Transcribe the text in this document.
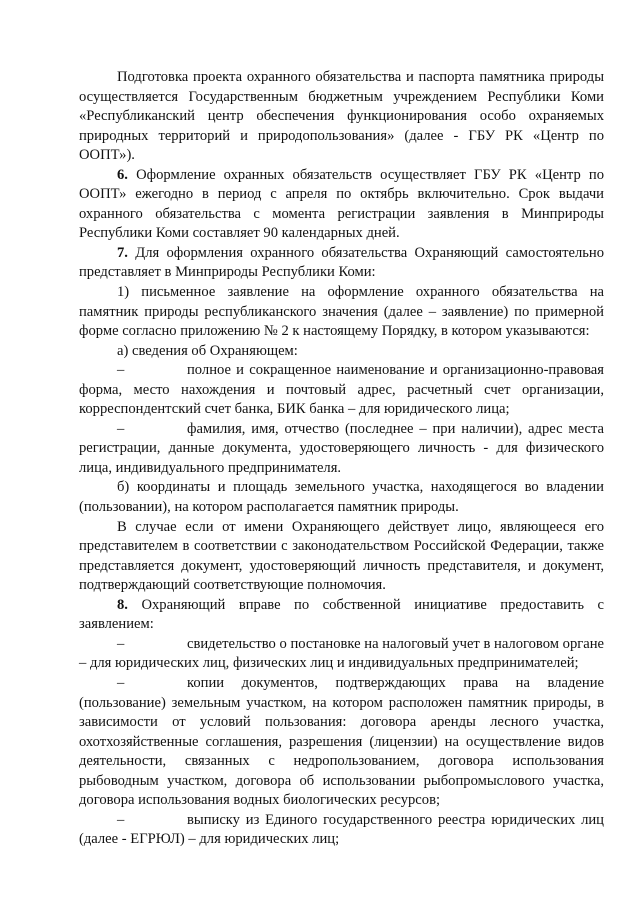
Подготовка проекта охранного обязательства и паспорта памятника природы осуществляется Государственным бюджетным учреждением Республики Коми «Республиканский центр обеспечения функционирования особо охраняемых природных территорий и природопользования» (далее - ГБУ РК «Центр по ООПТ»).

6. Оформление охранных обязательств осуществляет ГБУ РК «Центр по ООПТ» ежегодно в период с апреля по октябрь включительно. Срок выдачи охранного обязательства с момента регистрации заявления в Минприроды Республики Коми составляет 90 календарных дней.

7. Для оформления охранного обязательства Охраняющий самостоятельно представляет в Минприроды Республики Коми:

1) письменное заявление на оформление охранного обязательства на памятник природы республиканского значения (далее – заявление) по примерной форме согласно приложению № 2 к настоящему Порядку, в котором указываются:

а) сведения об Охраняющем:

–	полное и сокращенное наименование и организационно-правовая форма, место нахождения и почтовый адрес, расчетный счет организации, корреспондентский счет банка, БИК банка – для юридического лица;

–	фамилия, имя, отчество (последнее – при наличии), адрес места регистрации, данные документа, удостоверяющего личность - для физического лица, индивидуального предпринимателя.

б) координаты и площадь земельного участка, находящегося во владении (пользовании), на котором располагается памятник природы.

В случае если от имени Охраняющего действует лицо, являющееся его представителем в соответствии с законодательством Российской Федерации, также представляется документ, удостоверяющий личность представителя, и документ, подтверждающий соответствующие полномочия.

8. Охраняющий вправе по собственной инициативе предоставить с заявлением:

–	свидетельство о постановке на налоговый учет в налоговом органе – для юридических лиц, физических лиц и индивидуальных предпринимателей;

–	копии документов, подтверждающих права на владение (пользование) земельным участком, на котором расположен памятник природы, в зависимости от условий пользования: договора аренды лесного участка, охотхозяйственные соглашения, разрешения (лицензии) на осуществление видов деятельности, связанных с недропользованием, договора использования рыбоводным участком, договора об использовании рыбопромыслового участка, договора использования водных биологических ресурсов;

–	выписку из Единого государственного реестра юридических лиц (далее - ЕГРЮЛ) – для юридических лиц;
